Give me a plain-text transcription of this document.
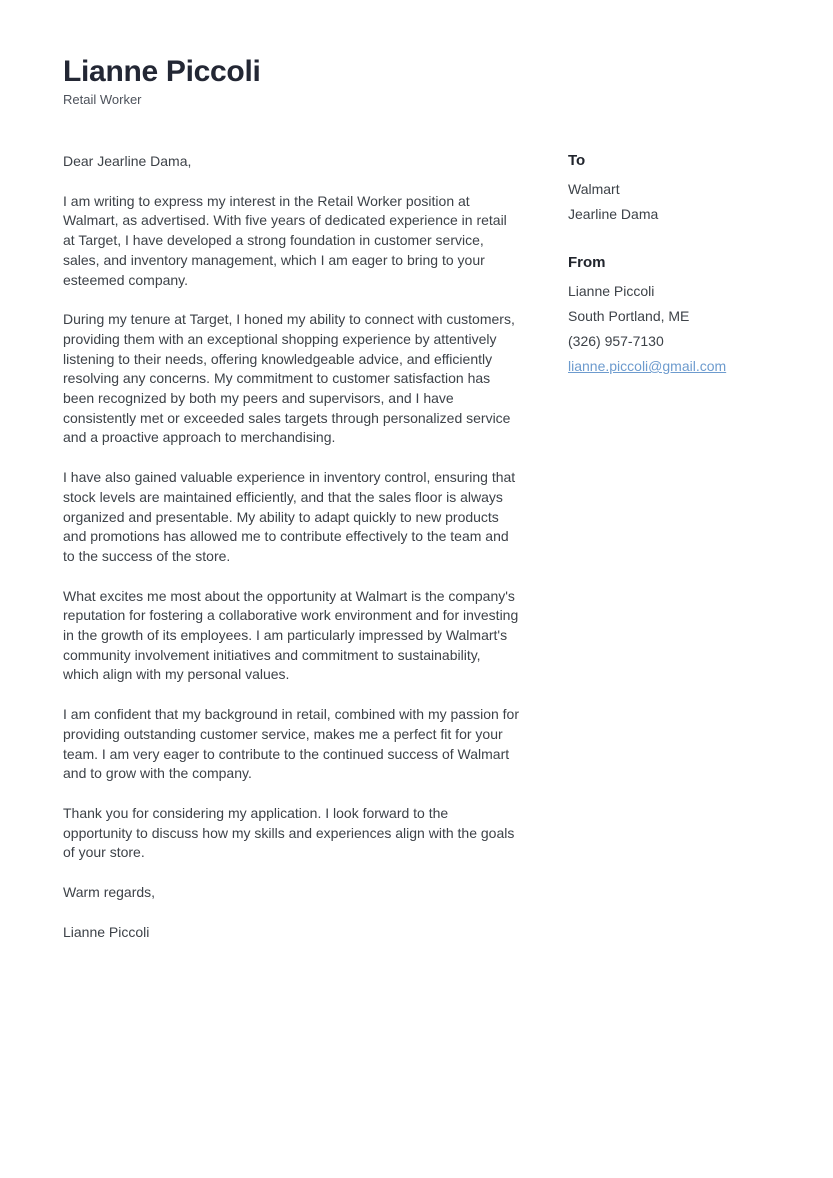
Lianne Piccoli
Retail Worker

Dear Jearline Dama,

I am writing to express my interest in the Retail Worker position at Walmart, as advertised. With five years of dedicated experience in retail at Target, I have developed a strong foundation in customer service, sales, and inventory management, which I am eager to bring to your esteemed company.

During my tenure at Target, I honed my ability to connect with customers, providing them with an exceptional shopping experience by attentively listening to their needs, offering knowledgeable advice, and efficiently resolving any concerns. My commitment to customer satisfaction has been recognized by both my peers and supervisors, and I have consistently met or exceeded sales targets through personalized service and a proactive approach to merchandising.

I have also gained valuable experience in inventory control, ensuring that stock levels are maintained efficiently, and that the sales floor is always organized and presentable. My ability to adapt quickly to new products and promotions has allowed me to contribute effectively to the team and to the success of the store.

What excites me most about the opportunity at Walmart is the company's reputation for fostering a collaborative work environment and for investing in the growth of its employees. I am particularly impressed by Walmart's community involvement initiatives and commitment to sustainability, which align with my personal values.

I am confident that my background in retail, combined with my passion for providing outstanding customer service, makes me a perfect fit for your team. I am very eager to contribute to the continued success of Walmart and to grow with the company.

Thank you for considering my application. I look forward to the opportunity to discuss how my skills and experiences align with the goals of your store.

Warm regards,

Lianne Piccoli

To
Walmart
Jearline Dama
From
Lianne Piccoli
South Portland, ME
(326) 957-7130
lianne.piccoli@gmail.com
